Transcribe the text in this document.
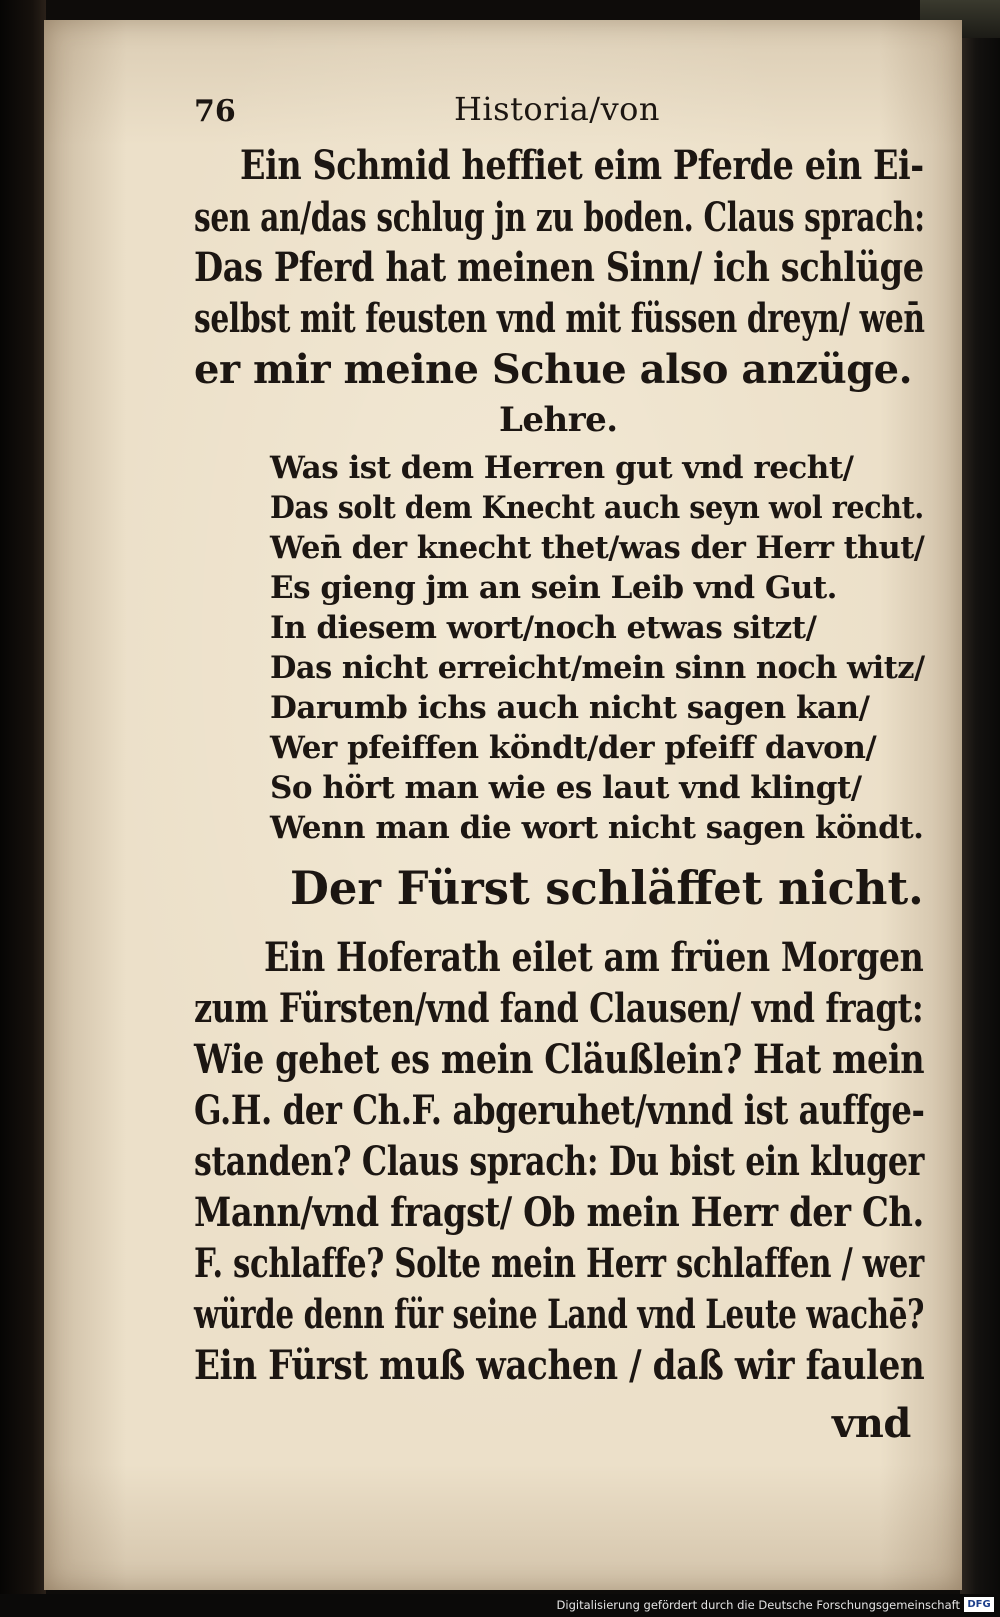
76	Historia/von
Ein Schmid heffiet eim Pferde ein Ei-
sen an/das schlug jn zu boden. Claus sprach:
Das Pferd hat meinen Sinn/ ich schlüge
selbst mit feusten vnd mit füssen dreyn/ wen̄
er mir meine Schue also anzüge.
Lehre.
Was ist dem Herren gut vnd recht/
Das solt dem Knecht auch seyn wol recht.
Wen̄ der knecht thet/was der Herr thut/
Es gieng jm an sein Leib vnd Gut.
In diesem wort/noch etwas sitzt/
Das nicht erreicht/mein sinn noch witz/
Darumb ichs auch nicht sagen kan/
Wer pfeiffen köndt/der pfeiff davon/
So hört man wie es laut vnd klingt/
Wenn man die wort nicht sagen köndt.
Der Fürst schläffet nicht.
Ein Hoferath eilet am früen Morgen
zum Fürsten/vnd fand Clausen/ vnd fragt:
Wie gehet es mein Cläußlein? Hat mein
G.H. der Ch.F. abgeruhet/vnnd ist auffge-
standen? Claus sprach: Du bist ein kluger
Mann/vnd fragst/ Ob mein Herr der Ch.
F. schlaffe? Solte mein Herr schlaffen / wer
würde denn für seine Land vnd Leute wachē?
Ein Fürst muß wachen / daß wir faulen
vnd
Digitalisierung gefördert durch die Deutsche Forschungsgemeinschaft DFG
